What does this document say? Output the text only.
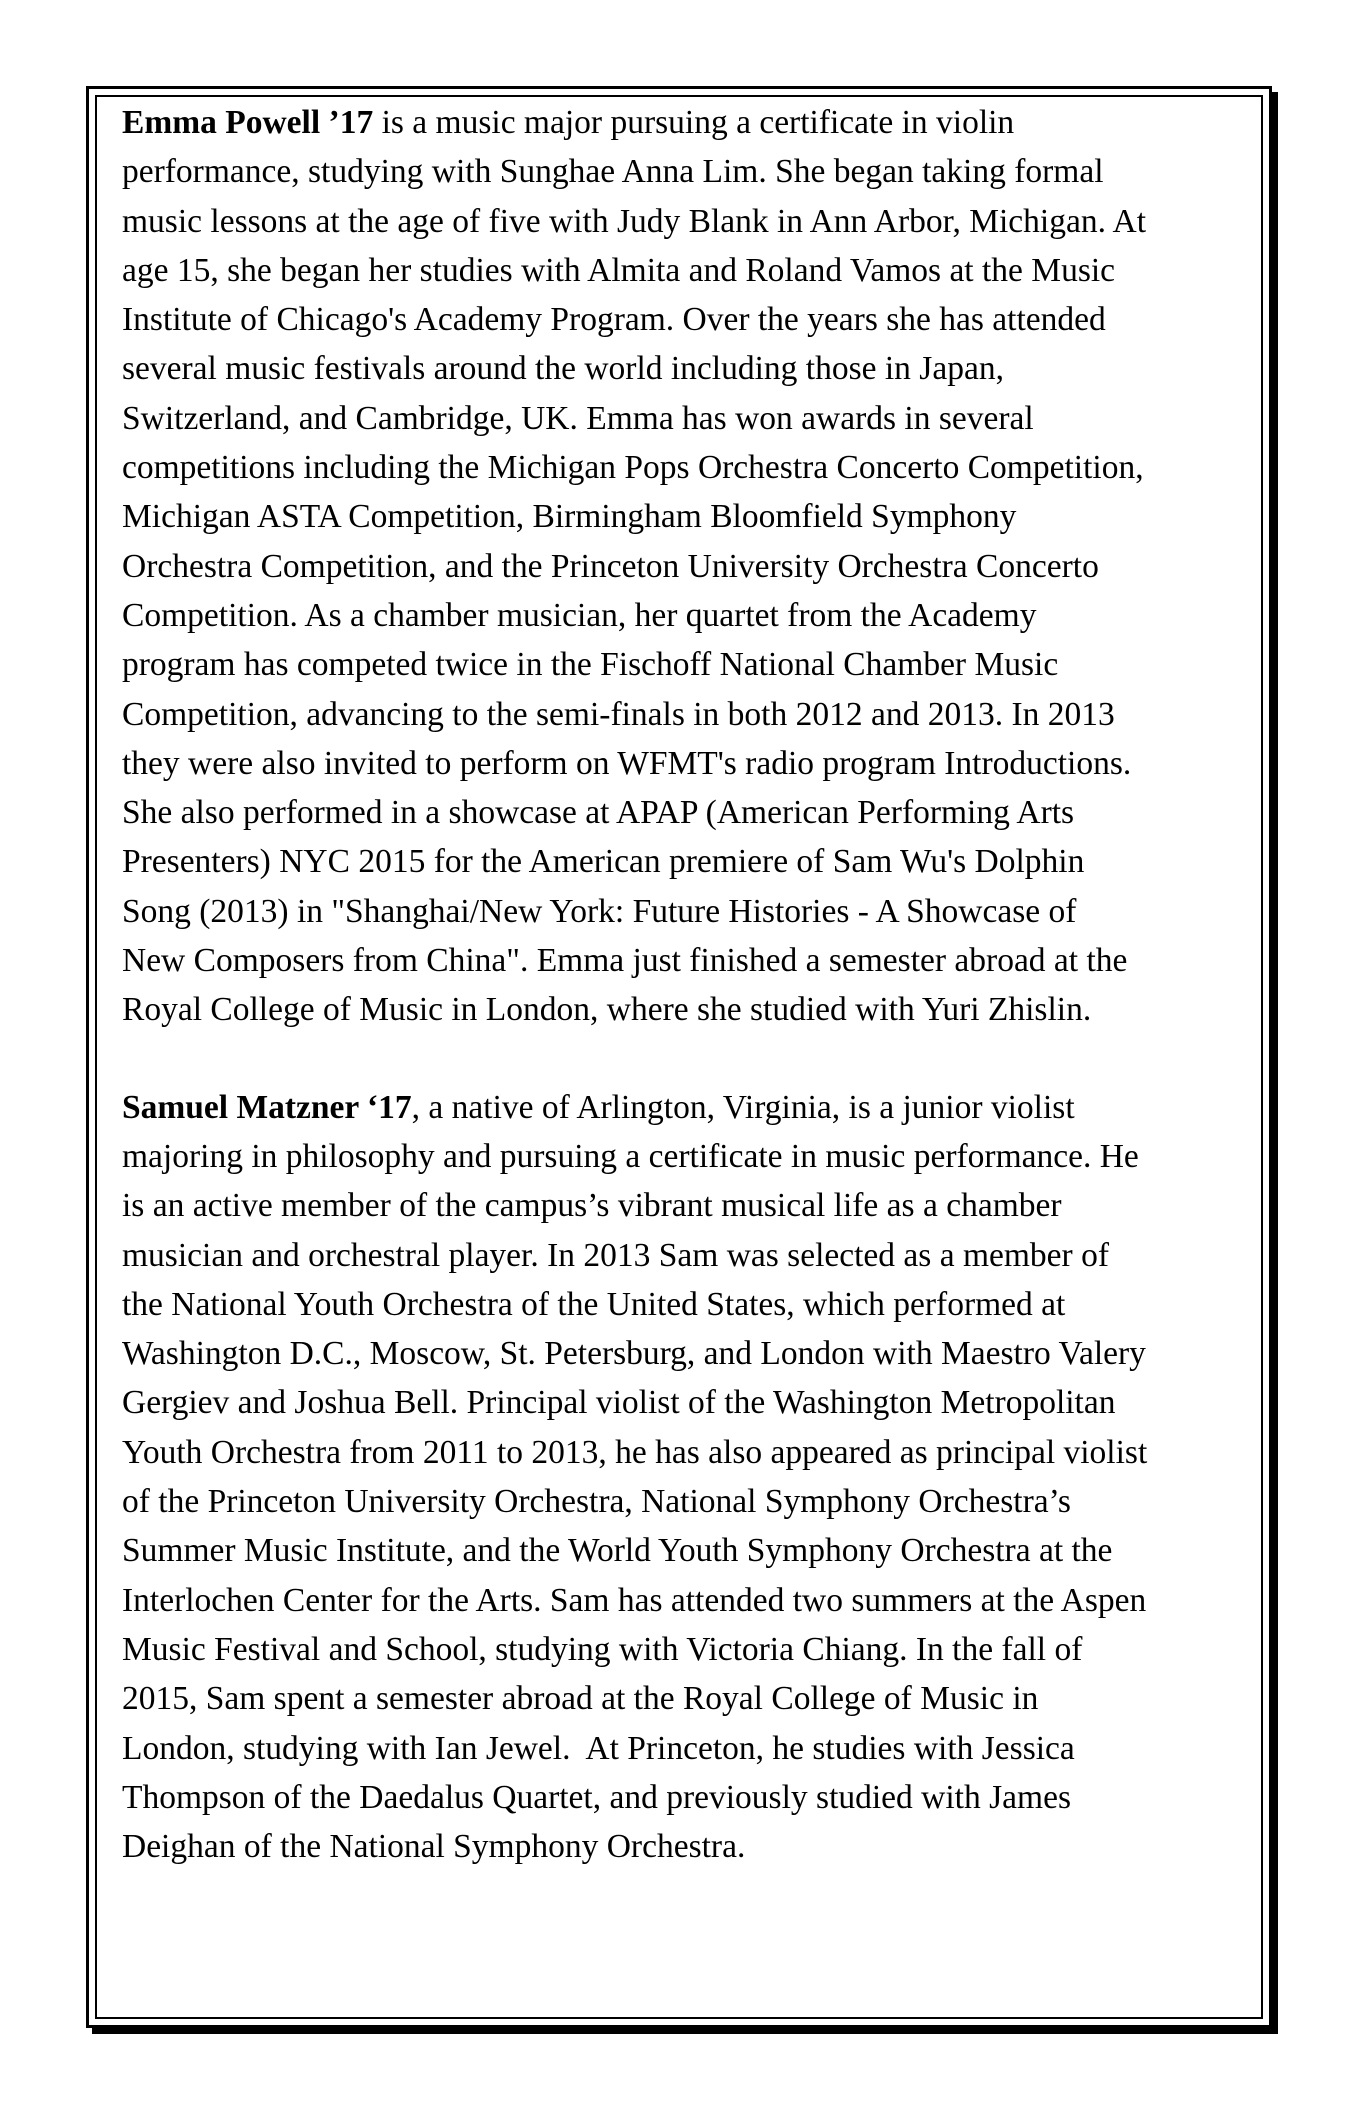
Emma Powell ’17 is a music major pursuing a certificate in violin

performance, studying with Sunghae Anna Lim. She began taking formal
music lessons at the age of five with Judy Blank in Ann Arbor, Michigan. At
age 15, she began her studies with Almita and Roland Vamos at the Music
Institute of Chicago's Academy Program. Over the years she has attended
several music festivals around the world including those in Japan,
Switzerland, and Cambridge, UK. Emma has won awards in several
competitions including the Michigan Pops Orchestra Concerto Competition,
Michigan ASTA Competition, Birmingham Bloomfield Symphony
Orchestra Competition, and the Princeton University Orchestra Concerto
Competition. As a chamber musician, her quartet from the Academy
program has competed twice in the Fischoff National Chamber Music
Competition, advancing to the semi-finals in both 2012 and 2013. In 2013
they were also invited to perform on WFMT's radio program Introductions.
She also performed in a showcase at APAP (American Performing Arts
Presenters) NYC 2015 for the American premiere of Sam Wu's Dolphin
Song (2013) in "Shanghai/New York: Future Histories - A Showcase of
New Composers from China". Emma just finished a semester abroad at the
Royal College of Music in London, where she studied with Yuri Zhislin.

Samuel Matzner ‘17, a native of Arlington, Virginia, is a junior violist

majoring in philosophy and pursuing a certificate in music performance. He
is an active member of the campus’s vibrant musical life as a chamber
musician and orchestral player. In 2013 Sam was selected as a member of
the National Youth Orchestra of the United States, which performed at
Washington D.C., Moscow, St. Petersburg, and London with Maestro Valery
Gergiev and Joshua Bell. Principal violist of the Washington Metropolitan
Youth Orchestra from 2011 to 2013, he has also appeared as principal violist
of the Princeton University Orchestra, National Symphony Orchestra’s
Summer Music Institute, and the World Youth Symphony Orchestra at the
Interlochen Center for the Arts. Sam has attended two summers at the Aspen
Music Festival and School, studying with Victoria Chiang. In the fall of
2015, Sam spent a semester abroad at the Royal College of Music in
London, studying with Ian Jewel.  At Princeton, he studies with Jessica
Thompson of the Daedalus Quartet, and previously studied with James
Deighan of the National Symphony Orchestra.
